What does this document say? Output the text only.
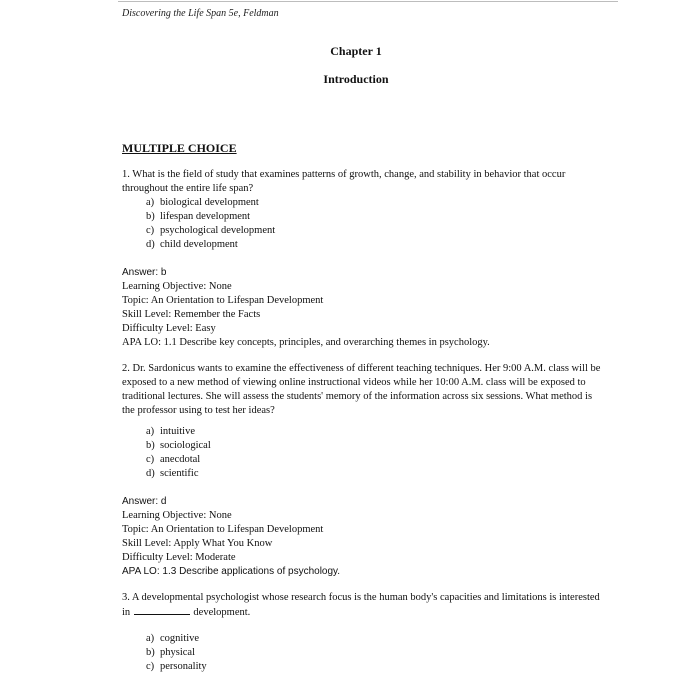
Discovering the Life Span 5e, Feldman
Chapter 1
Introduction
MULTIPLE CHOICE

1. What is the field of study that examines patterns of growth, change, and stability in behavior that occur throughout the entire life span?

a) biological development
b) lifespan development
c) psychological development
d) child development
Answer: b
Learning Objective: None
Topic: An Orientation to Lifespan Development
Skill Level: Remember the Facts
Difficulty Level: Easy
APA LO: 1.1 Describe key concepts, principles, and overarching themes in psychology.

2. Dr. Sardonicus wants to examine the effectiveness of different teaching techniques. Her 9:00 A.M. class will be exposed to a new method of viewing online instructional videos while her 10:00 A.M. class will be exposed to traditional lectures. She will assess the students' memory of the information across six sessions. What method is the professor using to test her ideas?

a) intuitive
b) sociological
c) anecdotal
d) scientific
Answer: d
Learning Objective: None
Topic: An Orientation to Lifespan Development
Skill Level: Apply What You Know
Difficulty Level: Moderate
APA LO: 1.3 Describe applications of psychology.

3. A developmental psychologist whose research focus is the human body's capacities and limitations is interested in	development.

a) cognitive
b) physical
c) personality
